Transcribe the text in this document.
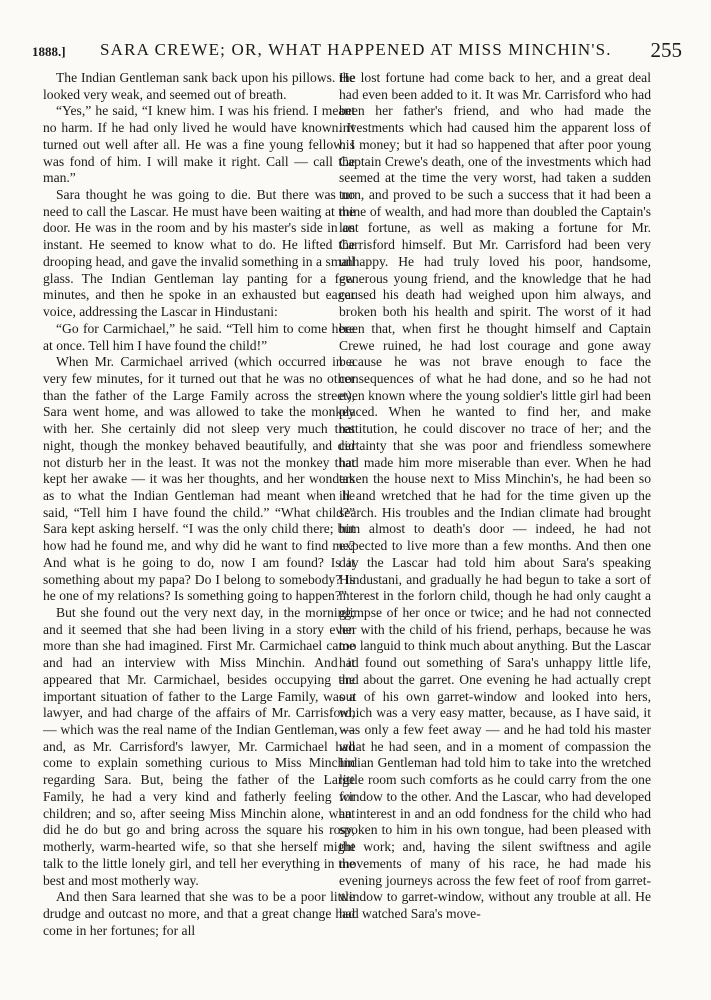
1888.] SARA CREWE; OR, WHAT HAPPENED AT MISS MINCHIN'S. 255

The Indian Gentleman sank back upon his pillows. He looked very weak, and seemed out of breath.

“Yes,” he said, “I knew him. I was his friend. I meant no harm. If he had only lived he would have known. It turned out well after all. He was a fine young fellow. I was fond of him. I will make it right. Call — call the man.”

Sara thought he was going to die. But there was no need to call the Lascar. He must have been waiting at the door. He was in the room and by his master's side in an instant. He seemed to know what to do. He lifted the drooping head, and gave the invalid something in a small glass. The Indian Gentleman lay panting for a few minutes, and then he spoke in an exhausted but eager voice, addressing the Lascar in Hindustani:

“Go for Carmichael,” he said. “Tell him to come here at once. Tell him I have found the child!”

When Mr. Carmichael arrived (which occurred in a very few minutes, for it turned out that he was no other than the father of the Large Family across the street), Sara went home, and was allowed to take the monkey with her. She certainly did not sleep very much that night, though the monkey behaved beautifully, and did not disturb her in the least. It was not the monkey that kept her awake — it was her thoughts, and her wonders as to what the Indian Gentleman had meant when he said, “Tell him I have found the child.” “What child?” Sara kept asking herself. “I was the only child there; but how had he found me, and why did he want to find me? And what is he going to do, now I am found? Is it something about my papa? Do I belong to somebody? Is he one of my relations? Is something going to happen?”

But she found out the very next day, in the morning; and it seemed that she had been living in a story even more than she had imagined. First Mr. Carmichael came and had an interview with Miss Minchin. And it appeared that Mr. Carmichael, besides occupying the important situation of father to the Large Family, was a lawyer, and had charge of the affairs of Mr. Carrisford, — which was the real name of the Indian Gentleman, — and, as Mr. Carrisford's lawyer, Mr. Carmichael had come to explain something curious to Miss Minchin regarding Sara. But, being the father of the Large Family, he had a very kind and fatherly feeling for children; and so, after seeing Miss Minchin alone, what did he do but go and bring across the square his rosy, motherly, warm-hearted wife, so that she herself might talk to the little lonely girl, and tell her everything in the best and most motherly way.

And then Sara learned that she was to be a poor little drudge and outcast no more, and that a great change had come in her fortunes; for all

the lost fortune had come back to her, and a great deal had even been added to it. It was Mr. Carrisford who had been her father's friend, and who had made the investments which had caused him the apparent loss of his money; but it had so happened that after poor young Captain Crewe's death, one of the investments which had seemed at the time the very worst, had taken a sudden turn, and proved to be such a success that it had been a mine of wealth, and had more than doubled the Captain's lost fortune, as well as making a fortune for Mr. Carrisford himself. But Mr. Carrisford had been very unhappy. He had truly loved his poor, handsome, generous young friend, and the knowledge that he had caused his death had weighed upon him always, and broken both his health and spirit. The worst of it had been that, when first he thought himself and Captain Crewe ruined, he had lost courage and gone away because he was not brave enough to face the consequences of what he had done, and so he had not even known where the young soldier's little girl had been placed. When he wanted to find her, and make restitution, he could discover no trace of her; and the certainty that she was poor and friendless somewhere had made him more miserable than ever. When he had taken the house next to Miss Minchin's, he had been so ill and wretched that he had for the time given up the search. His troubles and the Indian climate had brought him almost to death's door — indeed, he had not expected to live more than a few months. And then one day the Lascar had told him about Sara's speaking Hindustani, and gradually he had begun to take a sort of interest in the forlorn child, though he had only caught a glimpse of her once or twice; and he had not connected her with the child of his friend, perhaps, because he was too languid to think much about anything. But the Lascar had found out something of Sara's unhappy little life, and about the garret. One evening he had actually crept out of his own garret-window and looked into hers, which was a very easy matter, because, as I have said, it was only a few feet away — and he had told his master what he had seen, and in a moment of compassion the Indian Gentleman had told him to take into the wretched little room such comforts as he could carry from the one window to the other. And the Lascar, who had developed an interest in and an odd fondness for the child who had spoken to him in his own tongue, had been pleased with the work; and, having the silent swiftness and agile movements of many of his race, he had made his evening journeys across the few feet of roof from garret-window to garret-window, without any trouble at all. He had watched Sara's move-
